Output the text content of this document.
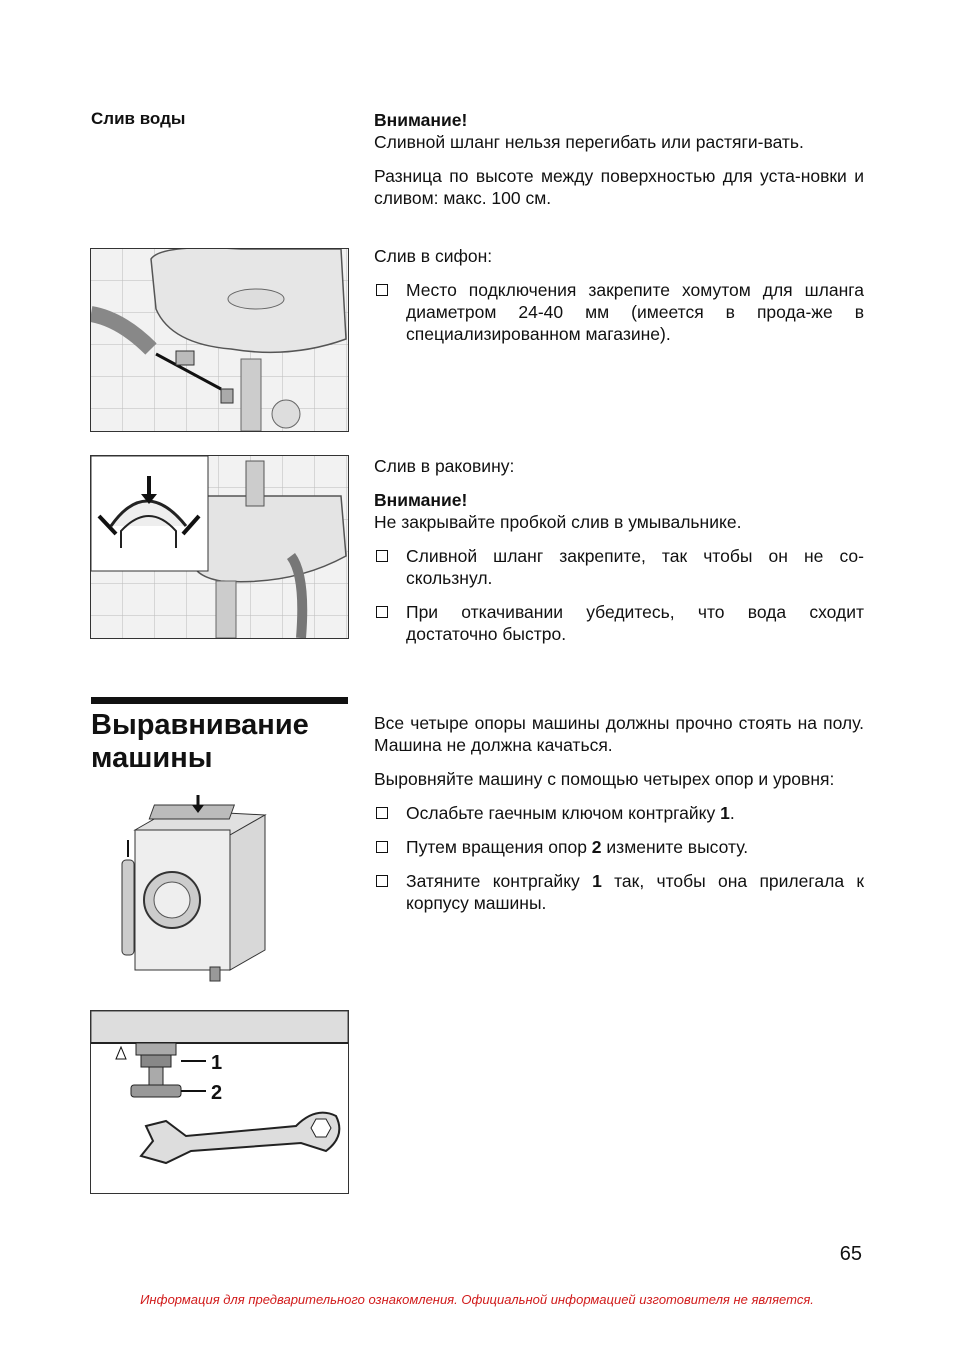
Слив воды	Внимание!

Сливной шланг нельзя перегибать или растяги-вать.

Разница по высоте между поверхностью для уста-новки и сливом: макс. 100 см.

Слив в сифон:

Место подключения закрепите хомутом для шланга диаметром 24-40 мм (имеется в прода-же в специализированном магазине).

Слив в раковину:

Внимание!

Не закрывайте пробкой слив в умывальнике.

Сливной шланг закрепите, так чтобы он не со-скользнул.
При откачивании убедитесь, что вода сходит достаточно быстро.
Выравнивание
машины

Все четыре опоры машины должны прочно стоять на полу. Машина не должна качаться.

Выровняйте машину с помощью четырех опор и уровня:

Ослабьте гаечным ключом контргайку 1.
Путем вращения опор 2 измените высоту.
Затяните контргайку 1 так, чтобы она прилегала к корпусу машины.
1
2
65
Информация для предварительного ознакомления. Официальной информацией изготовителя не является.
